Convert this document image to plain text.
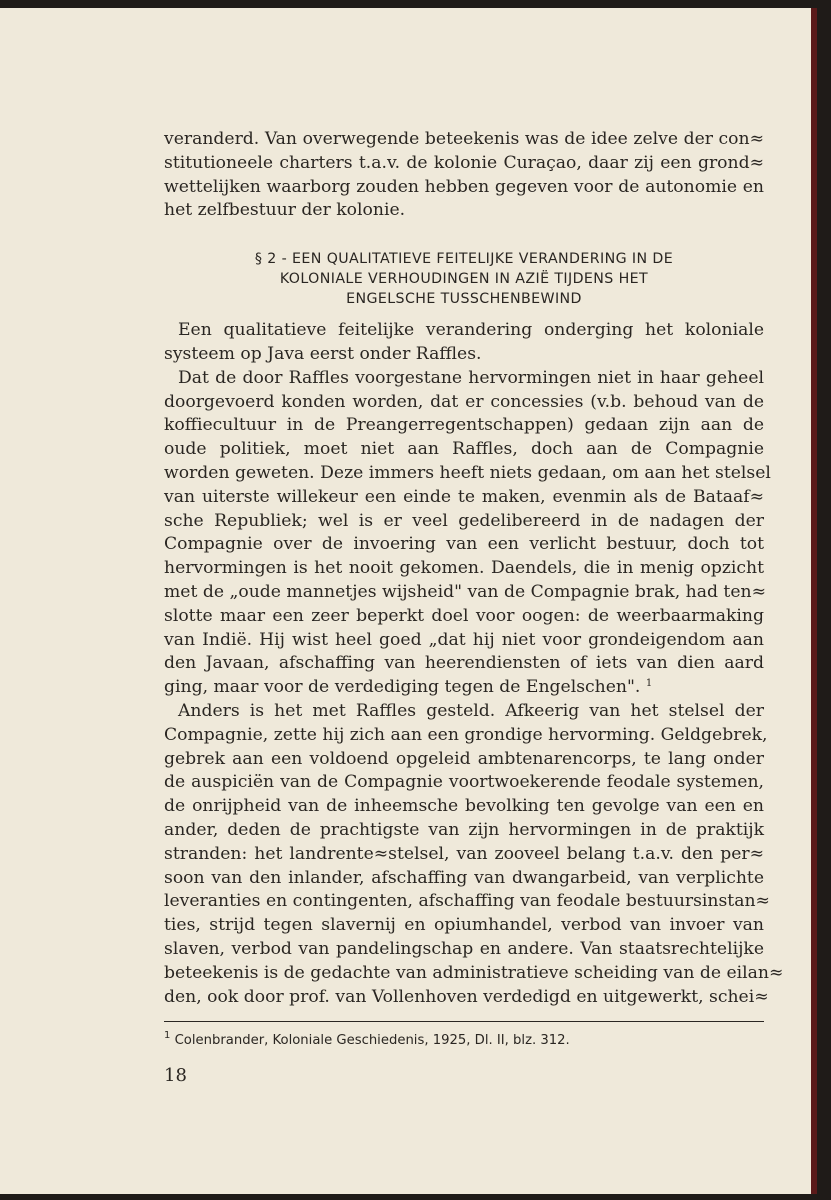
veranderd. Van overwegende beteekenis was de idee zelve der con≈
stitutioneele charters t.a.v. de kolonie Curaçao, daar zij een grond≈
wettelijken waarborg zouden hebben gegeven voor de autonomie en
het zelfbestuur der kolonie.

§ 2 - EEN QUALITATIEVE FEITELIJKE VERANDERING IN DE
KOLONIALE VERHOUDINGEN IN AZIË TIJDENS HET
ENGELSCHE TUSSCHENBEWIND

Een qualitatieve feitelijke verandering onderging het koloniale
systeem op Java eerst onder Raffles.

Dat de door Raffles voorgestane hervormingen niet in haar geheel
doorgevoerd konden worden, dat er concessies (v.b. behoud van de
koffiecultuur in de Preangerregentschappen) gedaan zijn aan de
oude politiek, moet niet aan Raffles, doch aan de Compagnie
worden geweten. Deze immers heeft niets gedaan, om aan het stelsel
van uiterste willekeur een einde te maken, evenmin als de Bataaf≈
sche Republiek; wel is er veel gedelibereerd in de nadagen der
Compagnie over de invoering van een verlicht bestuur, doch tot
hervormingen is het nooit gekomen. Daendels, die in menig opzicht
met de „oude mannetjes wijsheid" van de Compagnie brak, had ten≈
slotte maar een zeer beperkt doel voor oogen: de weerbaarmaking
van Indië. Hij wist heel goed „dat hij niet voor grondeigendom aan
den Javaan, afschaffing van heerendiensten of iets van dien aard
ging, maar voor de verdediging tegen de Engelschen". $^1$

Anders is het met Raffles gesteld. Afkeerig van het stelsel der
Compagnie, zette hij zich aan een grondige hervorming. Geldgebrek,
gebrek aan een voldoend opgeleid ambtenarencorps, te lang onder
de auspiciën van de Compagnie voortwoekerende feodale systemen,
de onrijpheid van de inheemsche bevolking ten gevolge van een en
ander, deden de prachtigste van zijn hervormingen in de praktijk
stranden: het landrente≈stelsel, van zooveel belang t.a.v. den per≈
soon van den inlander, afschaffing van dwangarbeid, van verplichte
leveranties en contingenten, afschaffing van feodale bestuursinstan≈
ties, strijd tegen slavernij en opiumhandel, verbod van invoer van
slaven, verbod van pandelingschap en andere. Van staatsrechtelijke
beteekenis is de gedachte van administratieve scheiding van de eilan≈
den, ook door prof. van Vollenhoven verdedigd en uitgewerkt, schei≈

$^1$ Colenbrander, Koloniale Geschiedenis, 1925, Dl. II, blz. 312.
18
